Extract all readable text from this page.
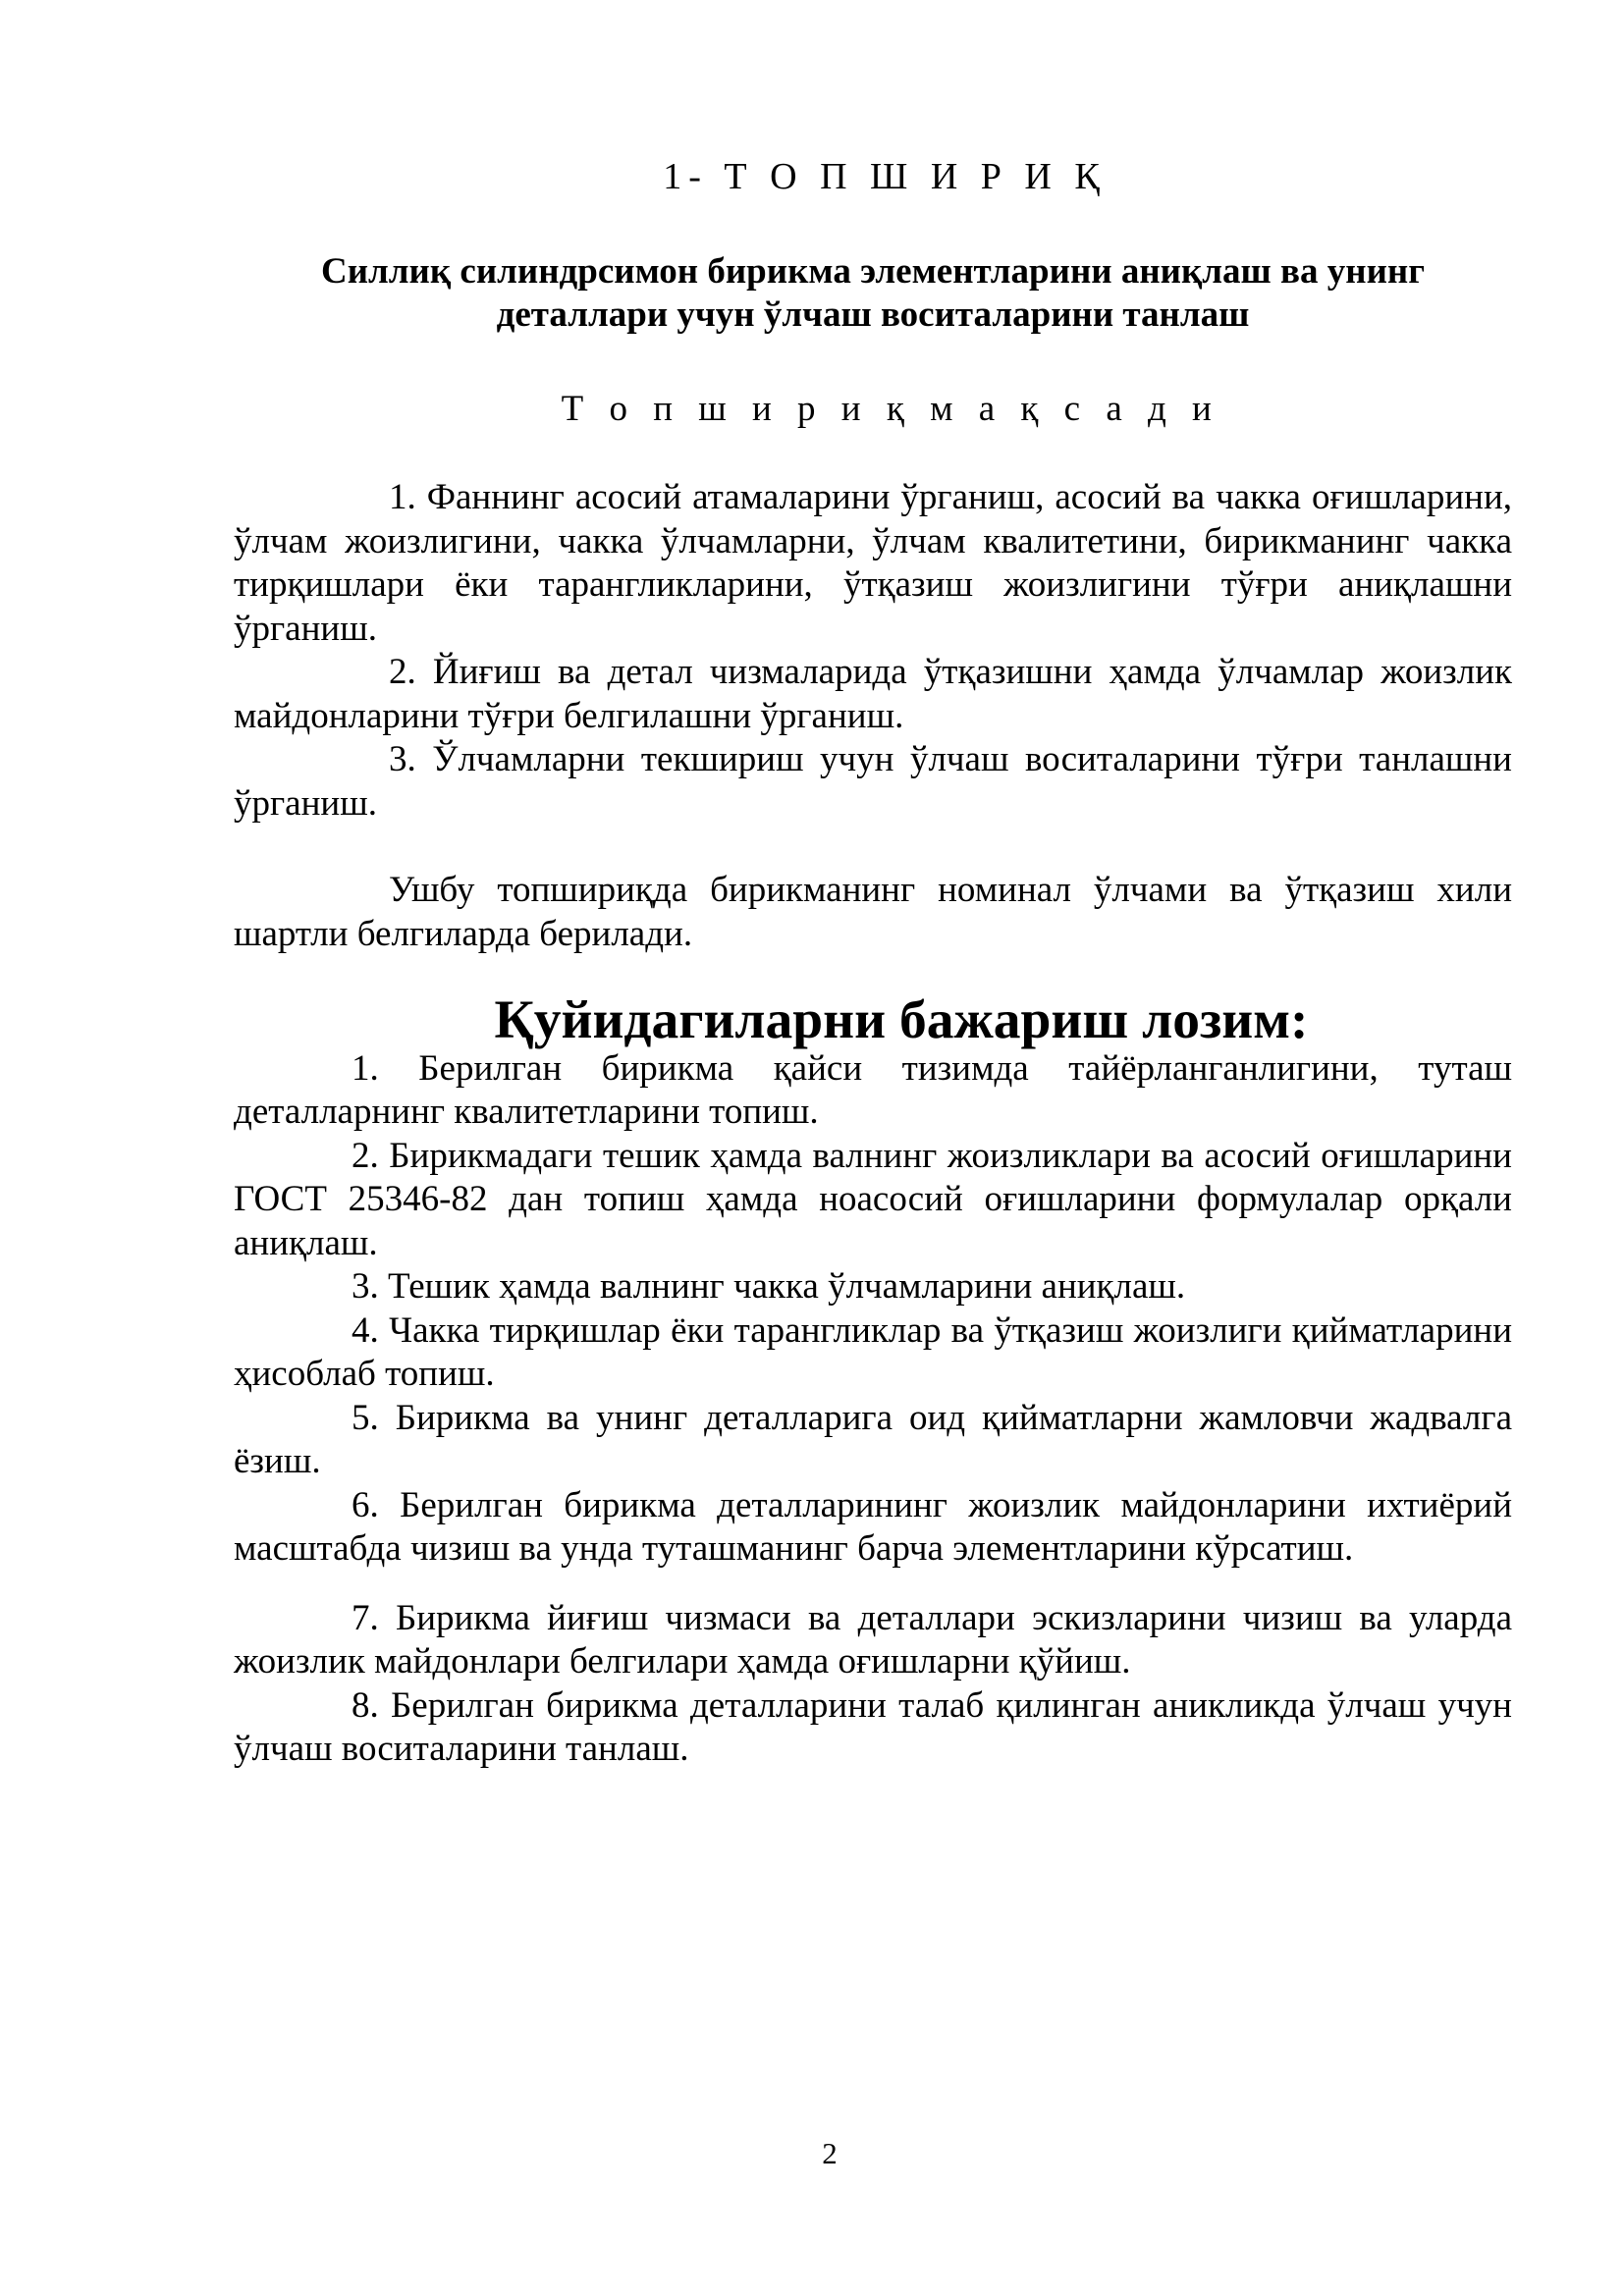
1- Т О П Ш И Р И Қ

Силлиқ силиндрсимон бирикма элементларини аниқлаш ва унинг
деталлари учун ўлчаш воситаларини танлаш

Т о п ш и р и қ м а қ с а д и

1. Фаннинг асосий атамаларини ўрганиш, асосий ва чакка оғишларини, ўлчам жоизлигини, чакка ўлчамларни, ўлчам квалитетини, бирикманинг чакка тирқишлари ёки тарангликларини, ўтқазиш жоизлигини тўғри аниқлашни ўрганиш.

2. Йиғиш ва детал чизмаларида ўтқазишни ҳамда ўлчамлар жоизлик майдонларини тўғри белгилашни ўрганиш.

3. Ўлчамларни текшириш учун ўлчаш воситаларини тўғри танлашни ўрганиш.

Ушбу топшириқда бирикманинг номинал ўлчами ва ўтқазиш хили шартли белгиларда берилади.

Қуйидагиларни бажариш лозим:

1. Берилган бирикма қайси тизимда тайёрланганлигини, туташ деталларнинг квалитетларини топиш.

2. Бирикмадаги тешик ҳамда валнинг жоизликлари ва асосий оғишларини ГОСТ 25346-82 дан топиш ҳамда ноасосий оғишларини формулалар орқали аниқлаш.

3. Тешик ҳамда валнинг чакка ўлчамларини аниқлаш.

4. Чакка тирқишлар ёки тарангликлар ва ўтқазиш жоизлиги қийматларини ҳисоблаб топиш.

5. Бирикма ва унинг деталларига оид қийматларни жамловчи жадвалга ёзиш.

6. Берилган бирикма деталларининг жоизлик майдонларини ихтиёрий масштабда чизиш ва унда туташманинг барча элементларини кўрсатиш.

7. Бирикма йиғиш чизмаси ва деталлари эскизларини чизиш ва уларда жоизлик майдонлари белгилари ҳамда оғишларни қўйиш.

8. Берилган бирикма деталларини талаб қилинган аникликда ўлчаш учун ўлчаш воситаларини танлаш.

2
